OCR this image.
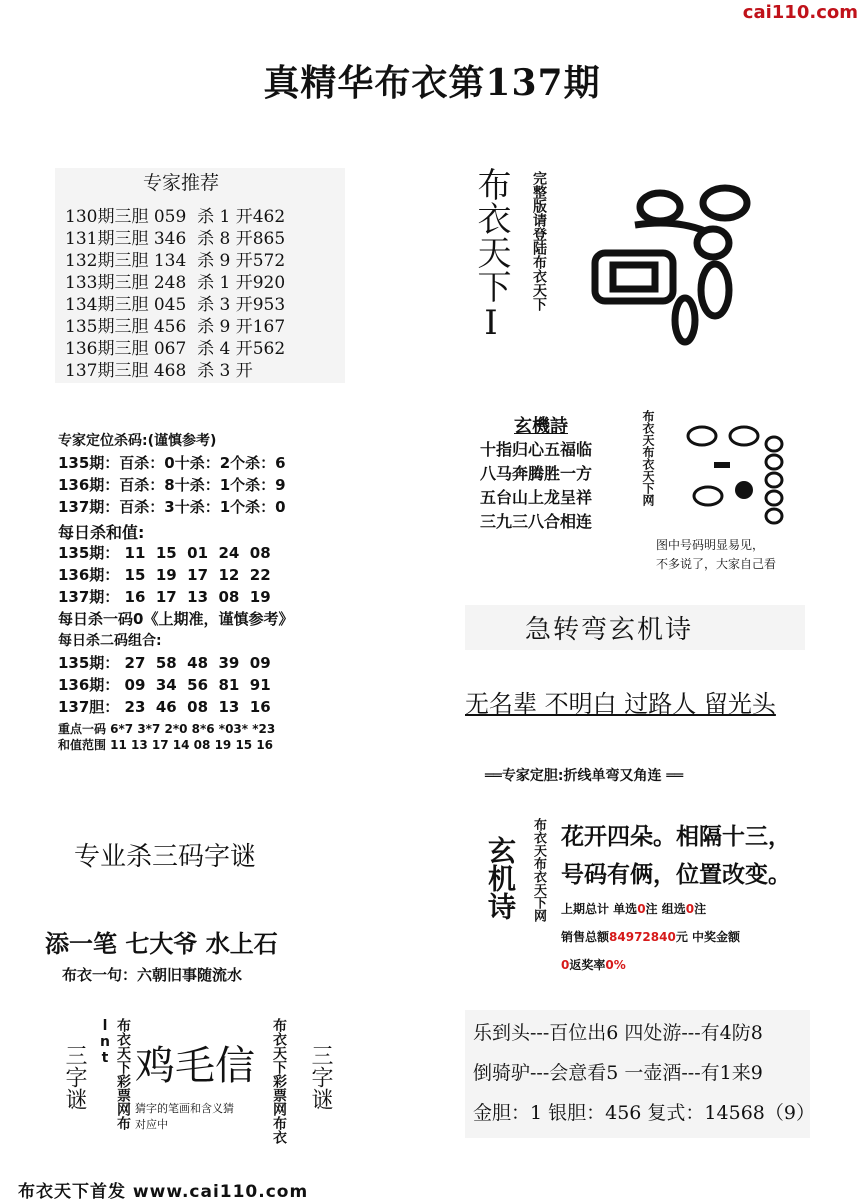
cai110.com
真精华布衣第137期
专家推荐
130期三胆 059  杀 1 开462
131期三胆 346  杀 8 开865
132期三胆 134  杀 9 开572
133期三胆 248  杀 1 开920
134期三胆 045  杀 3 开953
135期三胆 456  杀 9 开167
136期三胆 067  杀 4 开562
137期三胆 468  杀 3 开
布衣天下I 完整版请登陆布衣天下
专家定位杀码:(谨慎参考)
135期：百杀：0十杀：2个杀：6
136期：百杀：8十杀：1个杀：9
137期：百杀：3十杀：1个杀：0
每日杀和值:
135期： 11  15  01  24  08
136期： 15  19  17  12  22
137期： 16  17  13  08  19
每日杀一码0《上期准，谨慎参考》
每日杀二码组合:
135期： 27  58  48  39  09
136期： 09  34  56  81  91
137胆： 23  46  08  13  16
重点一码 6*7 3*7 2*0 8*6 *03* *23
和值范围 11 13 17 14 08 19 15 16
玄機詩
十指归心五福临
八马奔腾胜一方
五台山上龙呈祥
三九三八合相连
布衣天布衣天下网
图中号码明显易见，
不多说了，大家自己看
急转弯玄机诗
无名辈 不明白 过路人 留光头
══专家定胆:折线单弯又角连 ══
玄机诗 布衣天布衣天下网 花开四朵。相隔十三，
号码有俩，位置改变。
上期总计 单选0注 组选0注
销售总额84972840元 中奖金额
0返奖率0%
乐到头---百位出6 四处游---有4防8
倒骑驴---会意看5 一壶酒---有1来9
金胆：1 银胆：456 复式：14568（9）
专业杀三码字谜
添一笔 七大爷 水上石
布衣一句：六朝旧事随流水
三字谜	布衣天下彩票网布lnt 鸡毛信
猜字的笔画和含义猜
对应中	布衣天下彩票网布衣 三字谜
布衣天下首发 www.cai110.com
